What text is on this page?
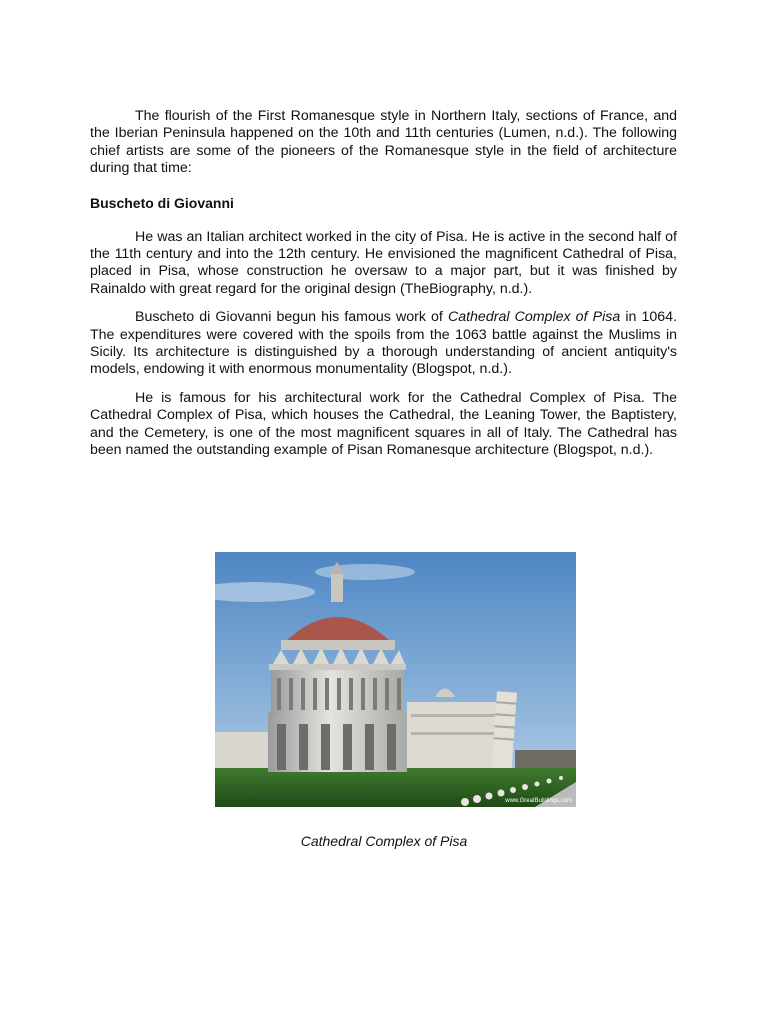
The flourish of the First Romanesque style in Northern Italy, sections of France, and the Iberian Peninsula happened on the 10th and 11th centuries (Lumen, n.d.). The following chief artists are some of the pioneers of the Romanesque style in the field of architecture during that time:

Buscheto di Giovanni

He was an Italian architect worked in the city of Pisa. He is active in the second half of the 11th century and into the 12th century. He envisioned the magnificent Cathedral of Pisa, placed in Pisa, whose construction he oversaw to a major part, but it was finished by Rainaldo with great regard for the original design (TheBiography, n.d.).

Buscheto di Giovanni begun his famous work of Cathedral Complex of Pisa in 1064. The expenditures were covered with the spoils from the 1063 battle against the Muslims in Sicily. Its architecture is distinguished by a thorough understanding of ancient antiquity's models, endowing it with enormous monumentality (Blogspot, n.d.).

He is famous for his architectural work for the Cathedral Complex of Pisa. The Cathedral Complex of Pisa, which houses the Cathedral, the Leaning Tower, the Baptistery, and the Cemetery, is one of the most magnificent squares in all of Italy. The Cathedral has been named the outstanding example of Pisan Romanesque architecture (Blogspot, n.d.).

www.GreatBuildings.com
Cathedral Complex of Pisa
